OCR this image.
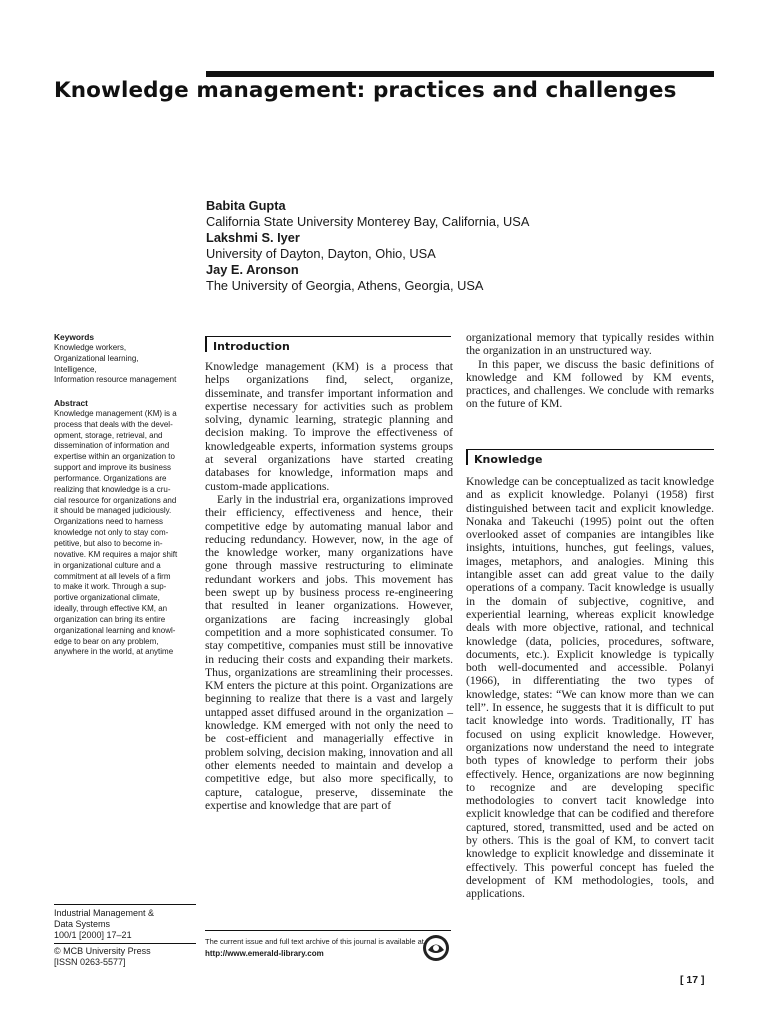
Knowledge management: practices and challenges
Babita Gupta
California State University Monterey Bay, California, USA
Lakshmi S. Iyer
University of Dayton, Dayton, Ohio, USA
Jay E. Aronson
The University of Georgia, Athens, Georgia, USA
Keywords
Knowledge workers,
Organizational learning,
Intelligence,
Information resource management
Abstract
Knowledge management (KM) is a
process that deals with the devel-
opment, storage, retrieval, and
dissemination of information and
expertise within an organization to
support and improve its business
performance. Organizations are
realizing that knowledge is a cru-
cial resource for organizations and
it should be managed judiciously.
Organizations need to harness
knowledge not only to stay com-
petitive, but also to become in-
novative. KM requires a major shift
in organizational culture and a
commitment at all levels of a firm
to make it work. Through a sup-
portive organizational climate,
ideally, through effective KM, an
organization can bring its entire
organizational learning and knowl-
edge to bear on any problem,
anywhere in the world, at anytime
Industrial Management &
Data Systems
100/1 [2000] 17–21
© MCB University Press
[ISSN 0263-5577]
Introduction

Knowledge management (KM) is a process that helps organizations find, select, organize, disseminate, and transfer important information and expertise necessary for activities such as problem solving, dynamic learning, strategic planning and decision making. To improve the effectiveness of knowledgeable experts, information systems groups at several organizations have started creating databases for knowledge, information maps and custom-made applications.

Early in the industrial era, organizations improved their efficiency, effectiveness and hence, their competitive edge by automating manual labor and reducing redundancy. However, now, in the age of the knowledge worker, many organizations have gone through massive restructuring to eliminate redundant workers and jobs. This movement has been swept up by business process re-engineering that resulted in leaner organizations. However, organizations are facing increasingly global competition and a more sophisticated consumer. To stay competitive, companies must still be innovative in reducing their costs and expanding their markets. Thus, organizations are streamlining their processes. KM enters the picture at this point. Organizations are beginning to realize that there is a vast and largely untapped asset diffused around in the organization – knowledge. KM emerged with not only the need to be cost-efficient and managerially effective in problem solving, decision making, innovation and all other elements needed to maintain and develop a competitive edge, but also more specifically, to capture, catalogue, preserve, disseminate the expertise and knowledge that are part of

organizational memory that typically resides within the organization in an unstructured way.

In this paper, we discuss the basic definitions of knowledge and KM followed by KM events, practices, and challenges. We conclude with remarks on the future of KM.

Knowledge

Knowledge can be conceptualized as tacit knowledge and as explicit knowledge. Polanyi (1958) first distinguished between tacit and explicit knowledge. Nonaka and Takeuchi (1995) point out the often overlooked asset of companies are intangibles like insights, intuitions, hunches, gut feelings, values, images, metaphors, and analogies. Mining this intangible asset can add great value to the daily operations of a company. Tacit knowledge is usually in the domain of subjective, cognitive, and experiential learning, whereas explicit knowledge deals with more objective, rational, and technical knowledge (data, policies, procedures, software, documents, etc.). Explicit knowledge is typically both well-documented and accessible. Polanyi (1966), in differentiating the two types of knowledge, states: “We can know more than we can tell”. In essence, he suggests that it is difficult to put tacit knowledge into words. Traditionally, IT has focused on using explicit knowledge. However, organizations now understand the need to integrate both types of knowledge to perform their jobs effectively. Hence, organizations are now beginning to recognize and are developing specific methodologies to convert tacit knowledge into explicit knowledge that can be codified and therefore captured, stored, transmitted, used and be acted on by others. This is the goal of KM, to convert tacit knowledge to explicit knowledge and disseminate it effectively. This powerful concept has fueled the development of KM methodologies, tools, and applications.

The current issue and full text archive of this journal is available at
http://www.emerald-library.com
[ 17 ]
